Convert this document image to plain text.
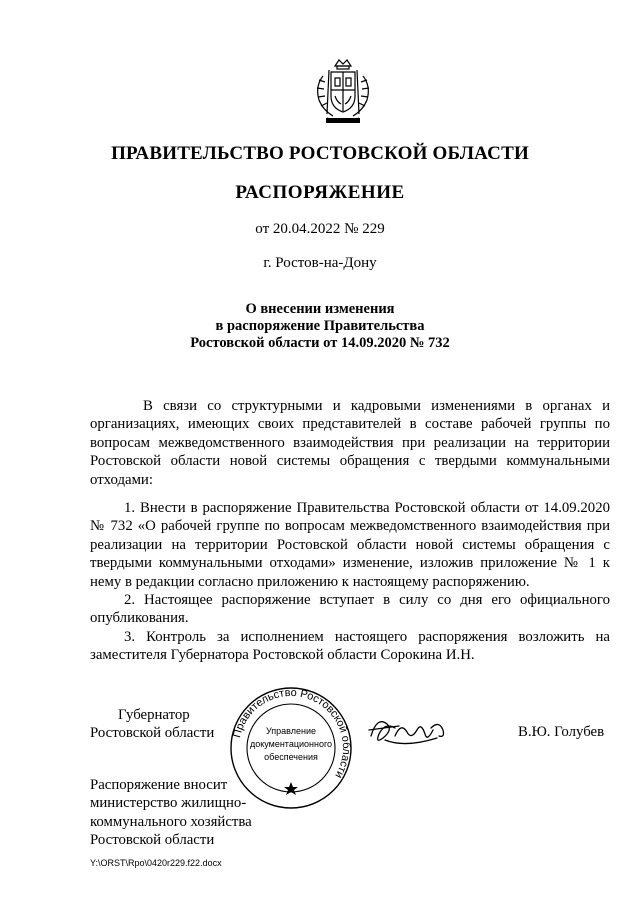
ПРАВИТЕЛЬСТВО РОСТОВСКОЙ ОБЛАСТИ
РАСПОРЯЖЕНИЕ
от 20.04.2022 № 229
г. Ростов-на-Дону
О внесении изменения
в распоряжение Правительства
Ростовской области от 14.09.2020 № 732
В связи со структурными и кадровыми изменениями в органах и организациях, имеющих своих представителей в составе рабочей группы по вопросам межведомственного взаимодействия при реализации на территории Ростовской области новой системы обращения с твердыми коммунальными отходами:
1. Внести в распоряжение Правительства Ростовской области от 14.09.2020 № 732 «О рабочей группе по вопросам межведомственного взаимодействия при реализации на территории Ростовской области новой системы обращения с твердыми коммунальными отходами» изменение, изложив приложение № 1 к нему в редакции согласно приложению к настоящему распоряжению.
2. Настоящее распоряжение вступает в силу со дня его официального опубликования.
3. Контроль за исполнением настоящего распоряжения возложить на заместителя Губернатора Ростовской области Сорокина И.Н.
Губернатор
Ростовской области Правительство Ростовской области
Управление
документационного
обеспечения
В.Ю. Голубев
Распоряжение вносит
министерство жилищно-
коммунального хозяйства
Ростовской области
Y:\ORST\Rpo\0420r229.f22.docx
